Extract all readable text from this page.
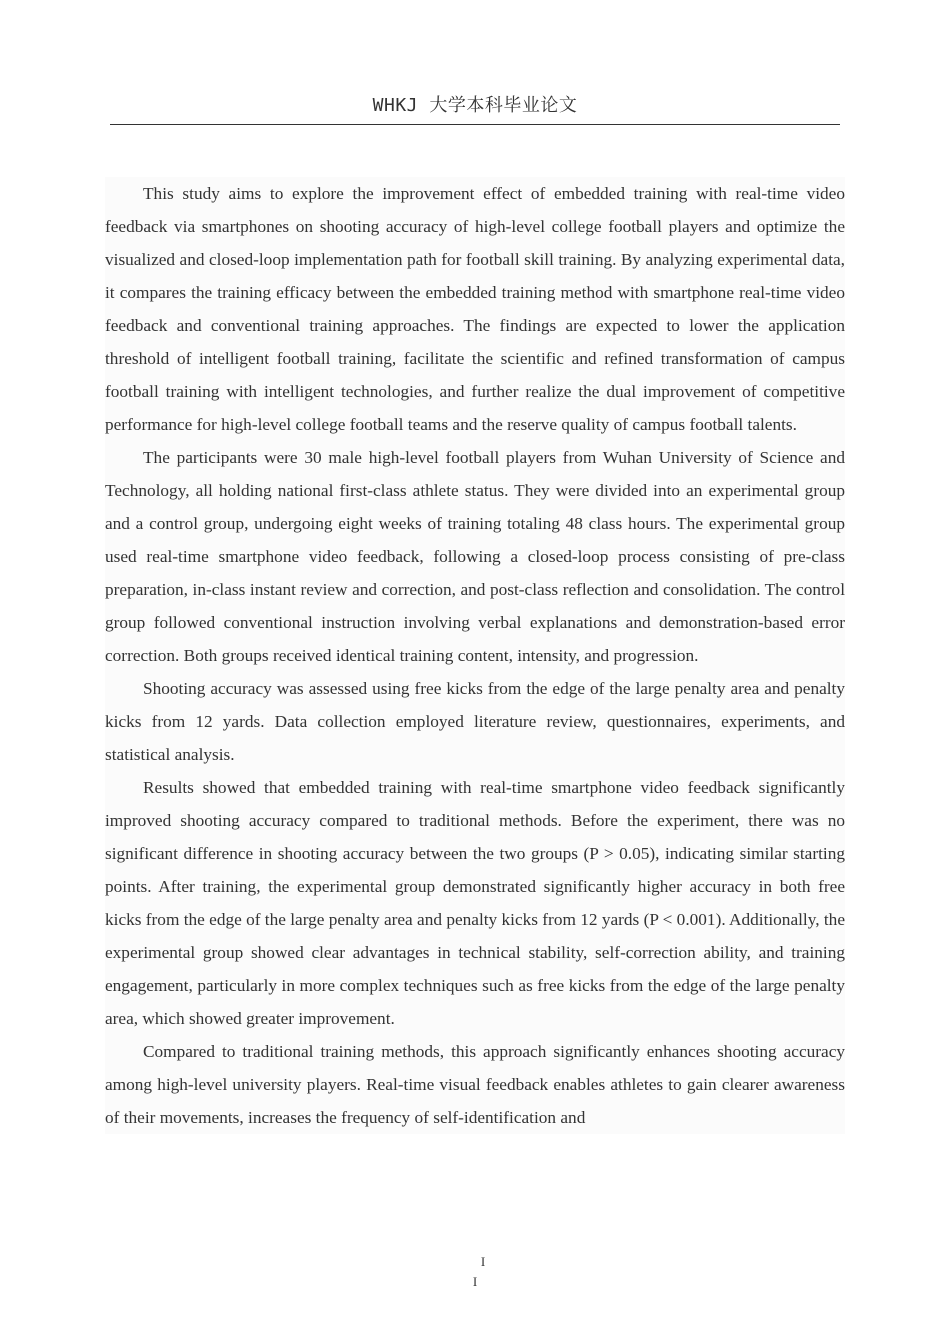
WHKJ 大学本科毕业论文

This study aims to explore the improvement effect of embedded training with real-time video feedback via smartphones on shooting accuracy of high-level college football players and optimize the visualized and closed-loop implementation path for football skill training. By analyzing experimental data, it compares the training efficacy between the embedded training method with smartphone real-time video feedback and conventional training approaches. The findings are expected to lower the application threshold of intelligent football training, facilitate the scientific and refined transformation of campus football training with intelligent technologies, and further realize the dual improvement of competitive performance for high-level college football teams and the reserve quality of campus football talents.

The participants were 30 male high-level football players from Wuhan University of Science and Technology, all holding national first-class athlete status. They were divided into an experimental group and a control group, undergoing eight weeks of training totaling 48 class hours. The experimental group used real-time smartphone video feedback, following a closed-loop process consisting of pre-class preparation, in-class instant review and correction, and post-class reflection and consolidation. The control group followed conventional instruction involving verbal explanations and demonstration-based error correction. Both groups received identical training content, intensity, and progression.

Shooting accuracy was assessed using free kicks from the edge of the large penalty area and penalty kicks from 12 yards. Data collection employed literature review, questionnaires, experiments, and statistical analysis.

Results showed that embedded training with real-time smartphone video feedback significantly improved shooting accuracy compared to traditional methods. Before the experiment, there was no significant difference in shooting accuracy between the two groups (P > 0.05), indicating similar starting points. After training, the experimental group demonstrated significantly higher accuracy in both free kicks from the edge of the large penalty area and penalty kicks from 12 yards (P < 0.001). Additionally, the experimental group showed clear advantages in technical stability, self-correction ability, and training engagement, particularly in more complex techniques such as free kicks from the edge of the large penalty area, which showed greater improvement.

Compared to traditional training methods, this approach significantly enhances shooting accuracy among high-level university players. Real-time visual feedback enables athletes to gain clearer awareness of their movements, increases the frequency of self-identification and

I
I
